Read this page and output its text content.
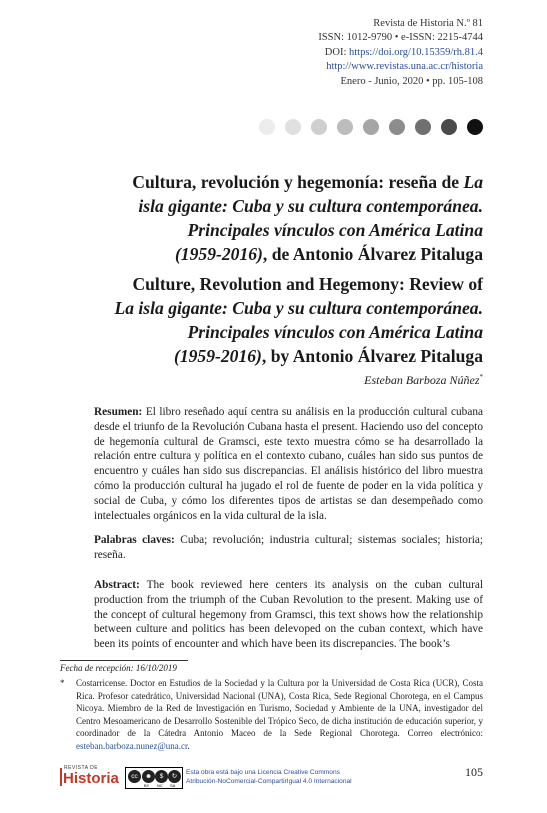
Revista de Historia N.º 81
ISSN: 1012-9790 • e-ISSN: 2215-4744
DOI: https://doi.org/10.15359/rh.81.4
http://www.revistas.una.ac.cr/historia
Enero - Junio, 2020 • pp. 105-108
Cultura, revolución y hegemonía: reseña de La
isla gigante: Cuba y su cultura contemporánea.
Principales vínculos con América Latina
(1959-2016), de Antonio Álvarez Pitaluga
Culture, Revolution and Hegemony: Review of
La isla gigante: Cuba y su cultura contemporánea.
Principales vínculos con América Latina
(1959-2016), by Antonio Álvarez Pitaluga
Esteban Barboza Núñez*
Resumen: El libro reseñado aquí centra su análisis en la producción cultural cubana desde el triunfo de la Revolución Cubana hasta el present. Haciendo uso del concepto de hegemonía cultural de Gramsci, este texto muestra cómo se ha desarrollado la relación entre cultura y política en el contexto cubano, cuáles han sido sus puntos de encuentro y cuáles han sido sus discrepancias. El análisis histórico del libro muestra cómo la producción cultural ha jugado el rol de fuente de poder en la vida política y social de Cuba, y cómo los diferentes tipos de artistas se dan desempeñado como intelectuales orgánicos en la vida cultural de la isla.
Palabras claves: Cuba; revolución; industria cultural; sistemas sociales; historia; reseña.
Abstract: The book reviewed here centers its analysis on the cuban cultural production from the triumph of the Cuban Revolution to the present. Making use of the concept of cultural hegemony from Gramsci, this text shows how the relationship between culture and politics has been delevoped on the cuban context, which have been its points of encounter and which have been its discrepancies. The book’s
Fecha de recepción: 16/10/2019
*	Costarricense. Doctor en Estudios de la Sociedad y la Cultura por la Universidad de Costa Rica (UCR), Costa Rica. Profesor catedrático, Universidad Nacional (UNA), Costa Rica, Sede Regional Chorotega, en el Campus Nicoya. Miembro de la Red de Investigación en Turismo, Sociedad y Ambiente de la UNA, investigador del Centro Mesoamericano de Desarrollo Sostenible del Trópico Seco, de dicha institución de educación superior, y coordinador de la Cátedra Antonio Maceo de la Sede Regional Chorotega. Correo electrónico: esteban.barboza.nunez@una.cr.
REVISTA DE
Historia	cc	☻	$	↻
BY NC SA
Esta obra está bajo una Licencia Creative Commons
Atribución-NoComercial-CompartirIgual 4.0 Internacional
105
